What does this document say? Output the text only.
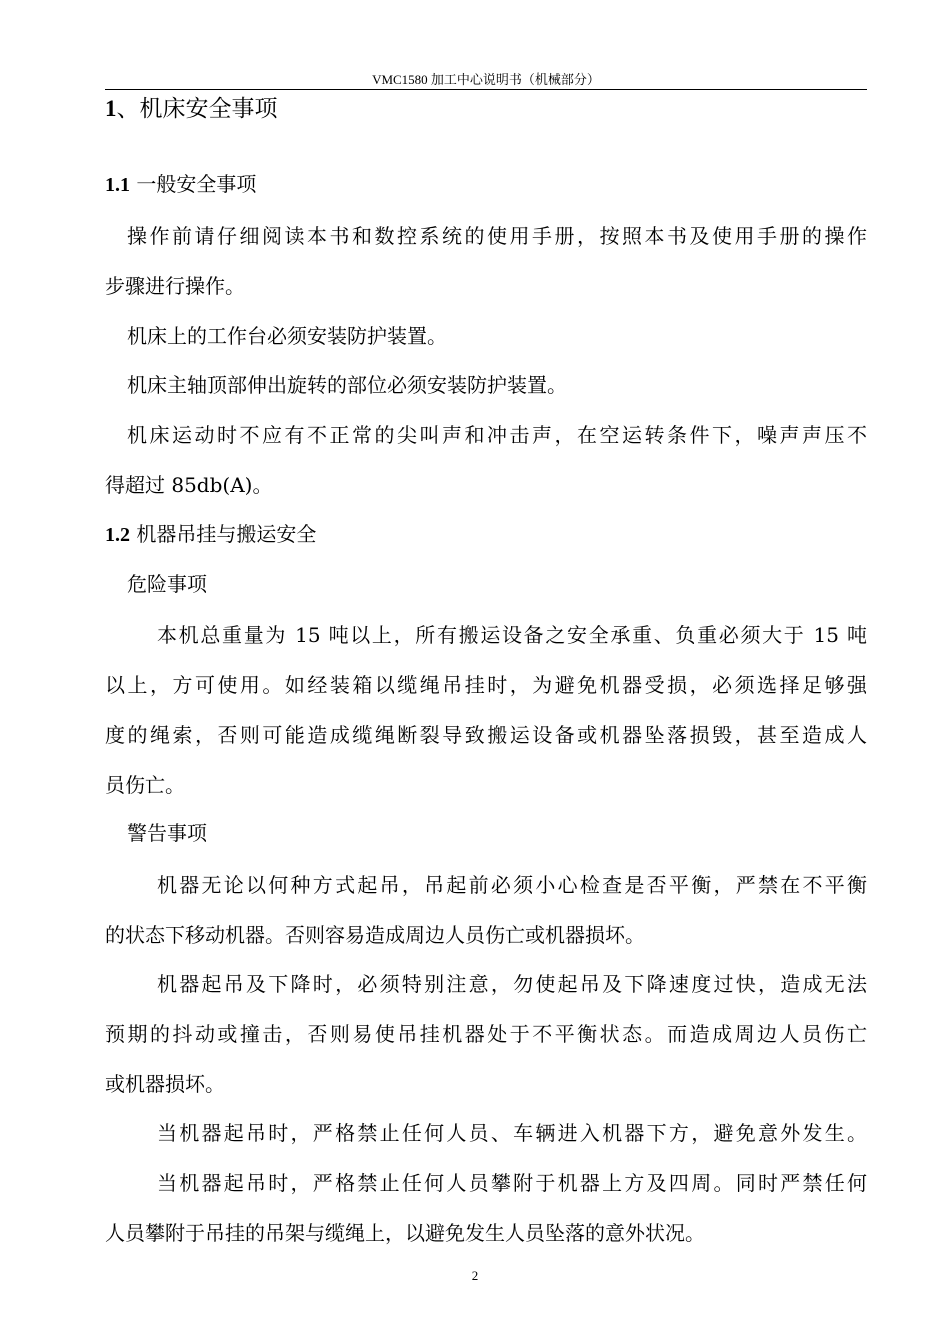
VMC1580 加工中心说明书（机械部分）
1、机床安全事项
1.1 一般安全事项
操作前请仔细阅读本书和数控系统的使用手册，按照本书及使用手册的操作
步骤进行操作。
机床上的工作台必须安装防护装置。
机床主轴顶部伸出旋转的部位必须安装防护装置。
机床运动时不应有不正常的尖叫声和冲击声，在空运转条件下，噪声声压不
得超过 85db(A)。
1.2 机器吊挂与搬运安全
危险事项
本机总重量为 15 吨以上，所有搬运设备之安全承重、负重必须大于 15 吨
以上，方可使用。如经装箱以缆绳吊挂时，为避免机器受损，必须选择足够强
度的绳索，否则可能造成缆绳断裂导致搬运设备或机器坠落损毁，甚至造成人
员伤亡。
警告事项
机器无论以何种方式起吊，吊起前必须小心检查是否平衡，严禁在不平衡
的状态下移动机器。否则容易造成周边人员伤亡或机器损坏。
机器起吊及下降时，必须特别注意，勿使起吊及下降速度过快，造成无法
预期的抖动或撞击，否则易使吊挂机器处于不平衡状态。而造成周边人员伤亡
或机器损坏。
当机器起吊时，严格禁止任何人员、车辆进入机器下方，避免意外发生。
当机器起吊时，严格禁止任何人员攀附于机器上方及四周。同时严禁任何
人员攀附于吊挂的吊架与缆绳上，以避免发生人员坠落的意外状况。
2
